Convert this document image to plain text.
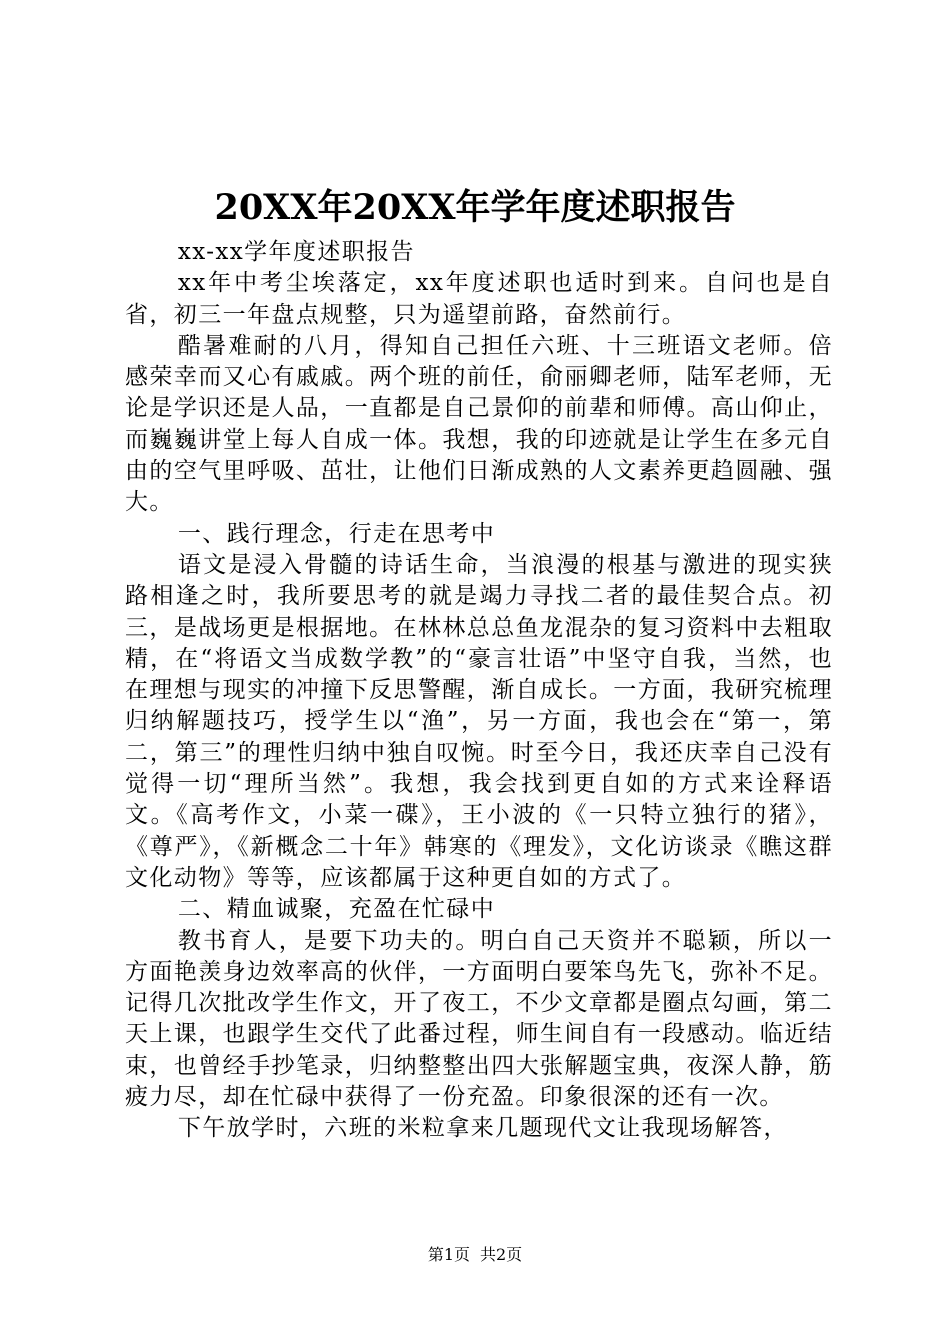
20XX年20XX年学年度述职报告

xx-xx学年度述职报告

xx年中考尘埃落定，xx年度述职也适时到来。自问也是自省，初三一年盘点规整，只为遥望前路，奋然前行。

酷暑难耐的八月，得知自己担任六班、十三班语文老师。倍感荣幸而又心有戚戚。两个班的前任，俞丽卿老师，陆军老师，无论是学识还是人品，一直都是自己景仰的前辈和师傅。高山仰止，而巍巍讲堂上每人自成一体。我想，我的印迹就是让学生在多元自由的空气里呼吸、茁壮，让他们日渐成熟的人文素养更趋圆融、强大。

一、践行理念，行走在思考中

语文是浸入骨髓的诗话生命，当浪漫的根基与激进的现实狭路相逢之时，我所要思考的就是竭力寻找二者的最佳契合点。初三，是战场更是根据地。在林林总总鱼龙混杂的复习资料中去粗取精，在“将语文当成数学教”的“豪言壮语”中坚守自我，当然，也在理想与现实的冲撞下反思警醒，渐自成长。一方面，我研究梳理归纳解题技巧，授学生以“渔”，另一方面，我也会在“第一，第二，第三”的理性归纳中独自叹惋。时至今日，我还庆幸自己没有觉得一切“理所当然”。我想，我会找到更自如的方式来诠释语文。《高考作文，小菜一碟》，王小波的《一只特立独行的猪》，《尊严》，《新概念二十年》韩寒的《理发》，文化访谈录《瞧这群文化动物》等等，应该都属于这种更自如的方式了。

二、精血诚聚，充盈在忙碌中

教书育人，是要下功夫的。明白自己天资并不聪颖，所以一方面艳羡身边效率高的伙伴，一方面明白要笨鸟先飞，弥补不足。记得几次批改学生作文，开了夜工，不少文章都是圈点勾画，第二天上课，也跟学生交代了此番过程，师生间自有一段感动。临近结束，也曾经手抄笔录，归纳整整出四大张解题宝典，夜深人静，筋疲力尽，却在忙碌中获得了一份充盈。印象很深的还有一次。

下午放学时，六班的米粒拿来几题现代文让我现场解答，

第1页 共2页
